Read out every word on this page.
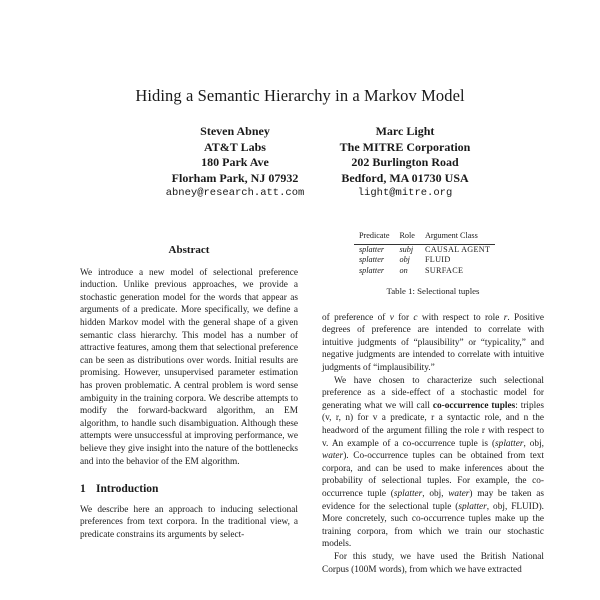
Hiding a Semantic Hierarchy in a Markov Model
Steven Abney
AT&T Labs
180 Park Ave
Florham Park, NJ 07932
abney@research.att.com
Marc Light
The MITRE Corporation
202 Burlington Road
Bedford, MA 01730 USA
light@mitre.org
Abstract

We introduce a new model of selectional preference induction. Unlike previous approaches, we provide a stochastic generation model for the words that appear as arguments of a predicate. More specifically, we define a hidden Markov model with the general shape of a given semantic class hierarchy. This model has a number of attractive features, among them that selectional preference can be seen as distributions over words. Initial results are promising. However, unsupervised parameter estimation has proven problematic. A central problem is word sense ambiguity in the training corpora. We describe attempts to modify the forward-backward algorithm, an EM algorithm, to handle such disambiguation. Although these attempts were unsuccessful at improving performance, we believe they give insight into the nature of the bottlenecks and into the behavior of the EM algorithm.

1 Introduction

We describe here an approach to inducing selectional preferences from text corpora. In the traditional view, a predicate constrains its arguments by select-

Predicate	Role	Argument Class
splatter	subj	CAUSAL AGENT
splatter	obj	FLUID
splatter	on	SURFACE
Table 1: Selectional tuples

of preference of v for c with respect to role r. Positive degrees of preference are intended to correlate with intuitive judgments of “plausibility” or “typicality,” and negative judgments are intended to correlate with intuitive judgments of “implausibility.”

We have chosen to characterize such selectional preference as a side-effect of a stochastic model for generating what we will call co-occurrence tuples: triples (v, r, n) for v a predicate, r a syntactic role, and n the headword of the argument filling the role r with respect to v. An example of a co-occurrence tuple is (splatter, obj, water). Co-occurrence tuples can be obtained from text corpora, and can be used to make inferences about the probability of selectional tuples. For example, the co-occurrence tuple (splatter, obj, water) may be taken as evidence for the selectional tuple (splatter, obj, FLUID). More concretely, such co-occurrence tuples make up the training corpora, from which we train our stochastic models.

For this study, we have used the British National Corpus (100M words), from which we have extracted
